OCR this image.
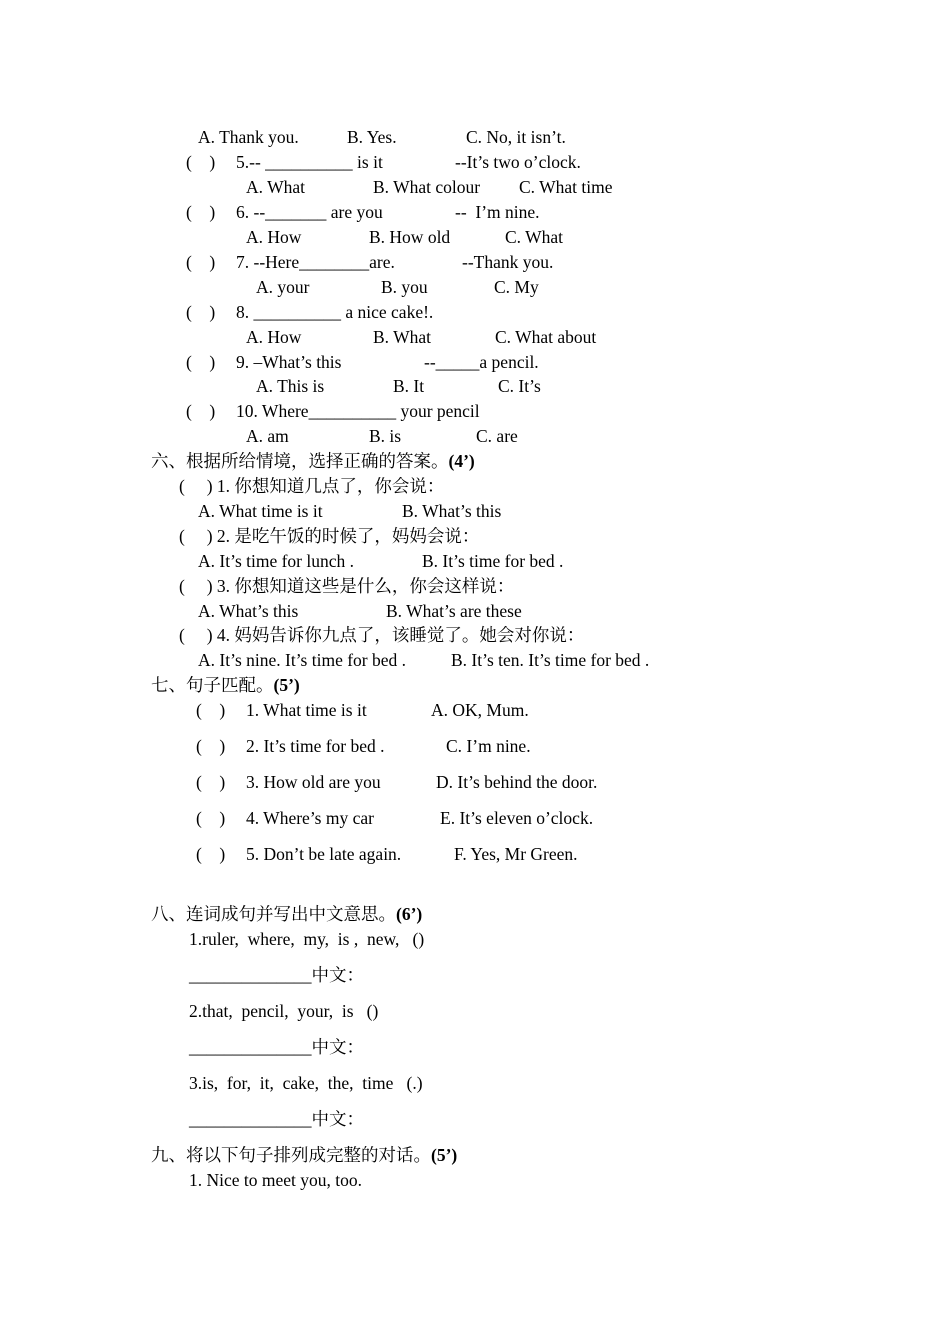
A. Thank you.	B. Yes.	C. No, it isn’t.
(　) 5.-- __________ is it	--It’s two o’clock.
A. What	B. What colour C. What time
(　) 6. --_______ are you	--  I’m nine.
A. How	B. How old	C. What
(　) 7. --Here________are.	--Thank you.
A. your	B. you	C. My
(　) 8. __________ a nice cake!.
A. How	B. What	C. What about
(　) 9. –What’s this	--_____a pencil.
A. This is	B. It	C. It’s
(　) 10. Where__________ your pencil
A. am	B. is	C. are
六、根据所给情境，选择正确的答案。(4’)
(     ) 1. 你想知道几点了，你会说：
A. What time is it	B. What’s this
(     ) 2. 是吃午饭的时候了，妈妈会说：
A. It’s time for lunch .	B. It’s time for bed .
(     ) 3. 你想知道这些是什么，你会这样说：
A. What’s this	B. What’s are these
(     ) 4. 妈妈告诉你九点了，该睡觉了。她会对你说：
A. It’s nine. It’s time for bed .	B. It’s ten. It’s time for bed .
七、句子匹配。(5’)
(　) 1. What time is it	A. OK, Mum.
(　) 2. It’s time for bed .	C. I’m nine.
(　) 3. How old are you	D. It’s behind the door.
(　) 4. Where’s my car	E. It’s eleven o’clock.
(　) 5. Don’t be late again.	F. Yes, Mr Green.
八、连词成句并写出中文意思。(6’)
1.ruler,  where,  my,  is ,  new,   ()
______________中文：
2.that,  pencil,  your,  is   ()
______________中文：
3.is,  for,  it,  cake,  the,  time   (.)
______________中文：
九、将以下句子排列成完整的对话。(5’)
1. Nice to meet you, too.
